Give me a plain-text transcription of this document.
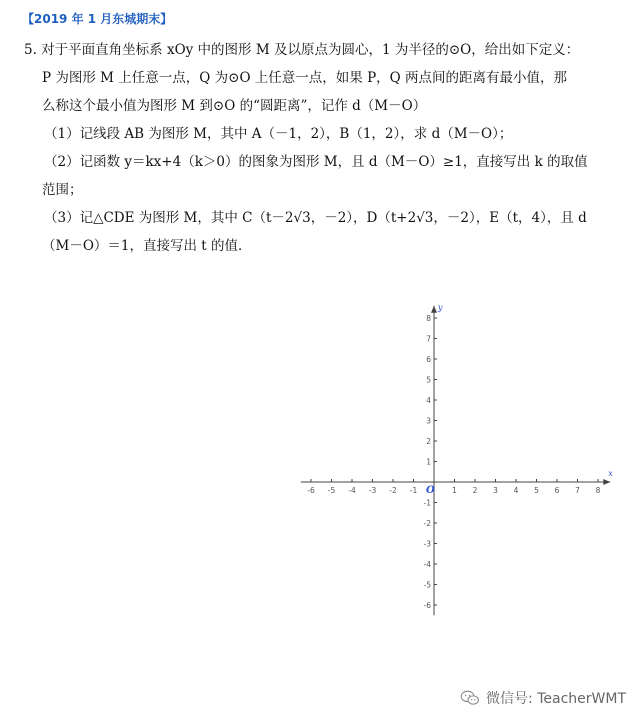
【2019 年 1 月东城期末】
5. 对于平面直角坐标系 xOy 中的图形 M 及以原点为圆心，1 为半径的⊙O，给出如下定义：
P 为图形 M 上任意一点，Q 为⊙O 上任意一点，如果 P，Q 两点间的距离有最小值，那
么称这个最小值为图形 M 到⊙O 的“圆距离”，记作 d（M－O）
（1）记线段 AB 为图形 M，其中 A（－1，2），B（1，2），求 d（M－O）；
（2）记函数 y＝kx+4（k＞0）的图象为图形 M，且 d（M－O）≥1，直接写出 k 的取值
范围；
（3）记△CDE 为图形 M，其中 C（t－2√3，－2），D（t+2√3，－2），E（t，4），且 d
（M－O）＝1，直接写出 t 的值．
-6 -5 -4 -3 -2 -1	1 2 3 4 5 6 7 8
8
7
6
5
4
3
2
1
-1
-2
-3
-4
-5
-6
x
y
O
微信号: TeacherWMT
